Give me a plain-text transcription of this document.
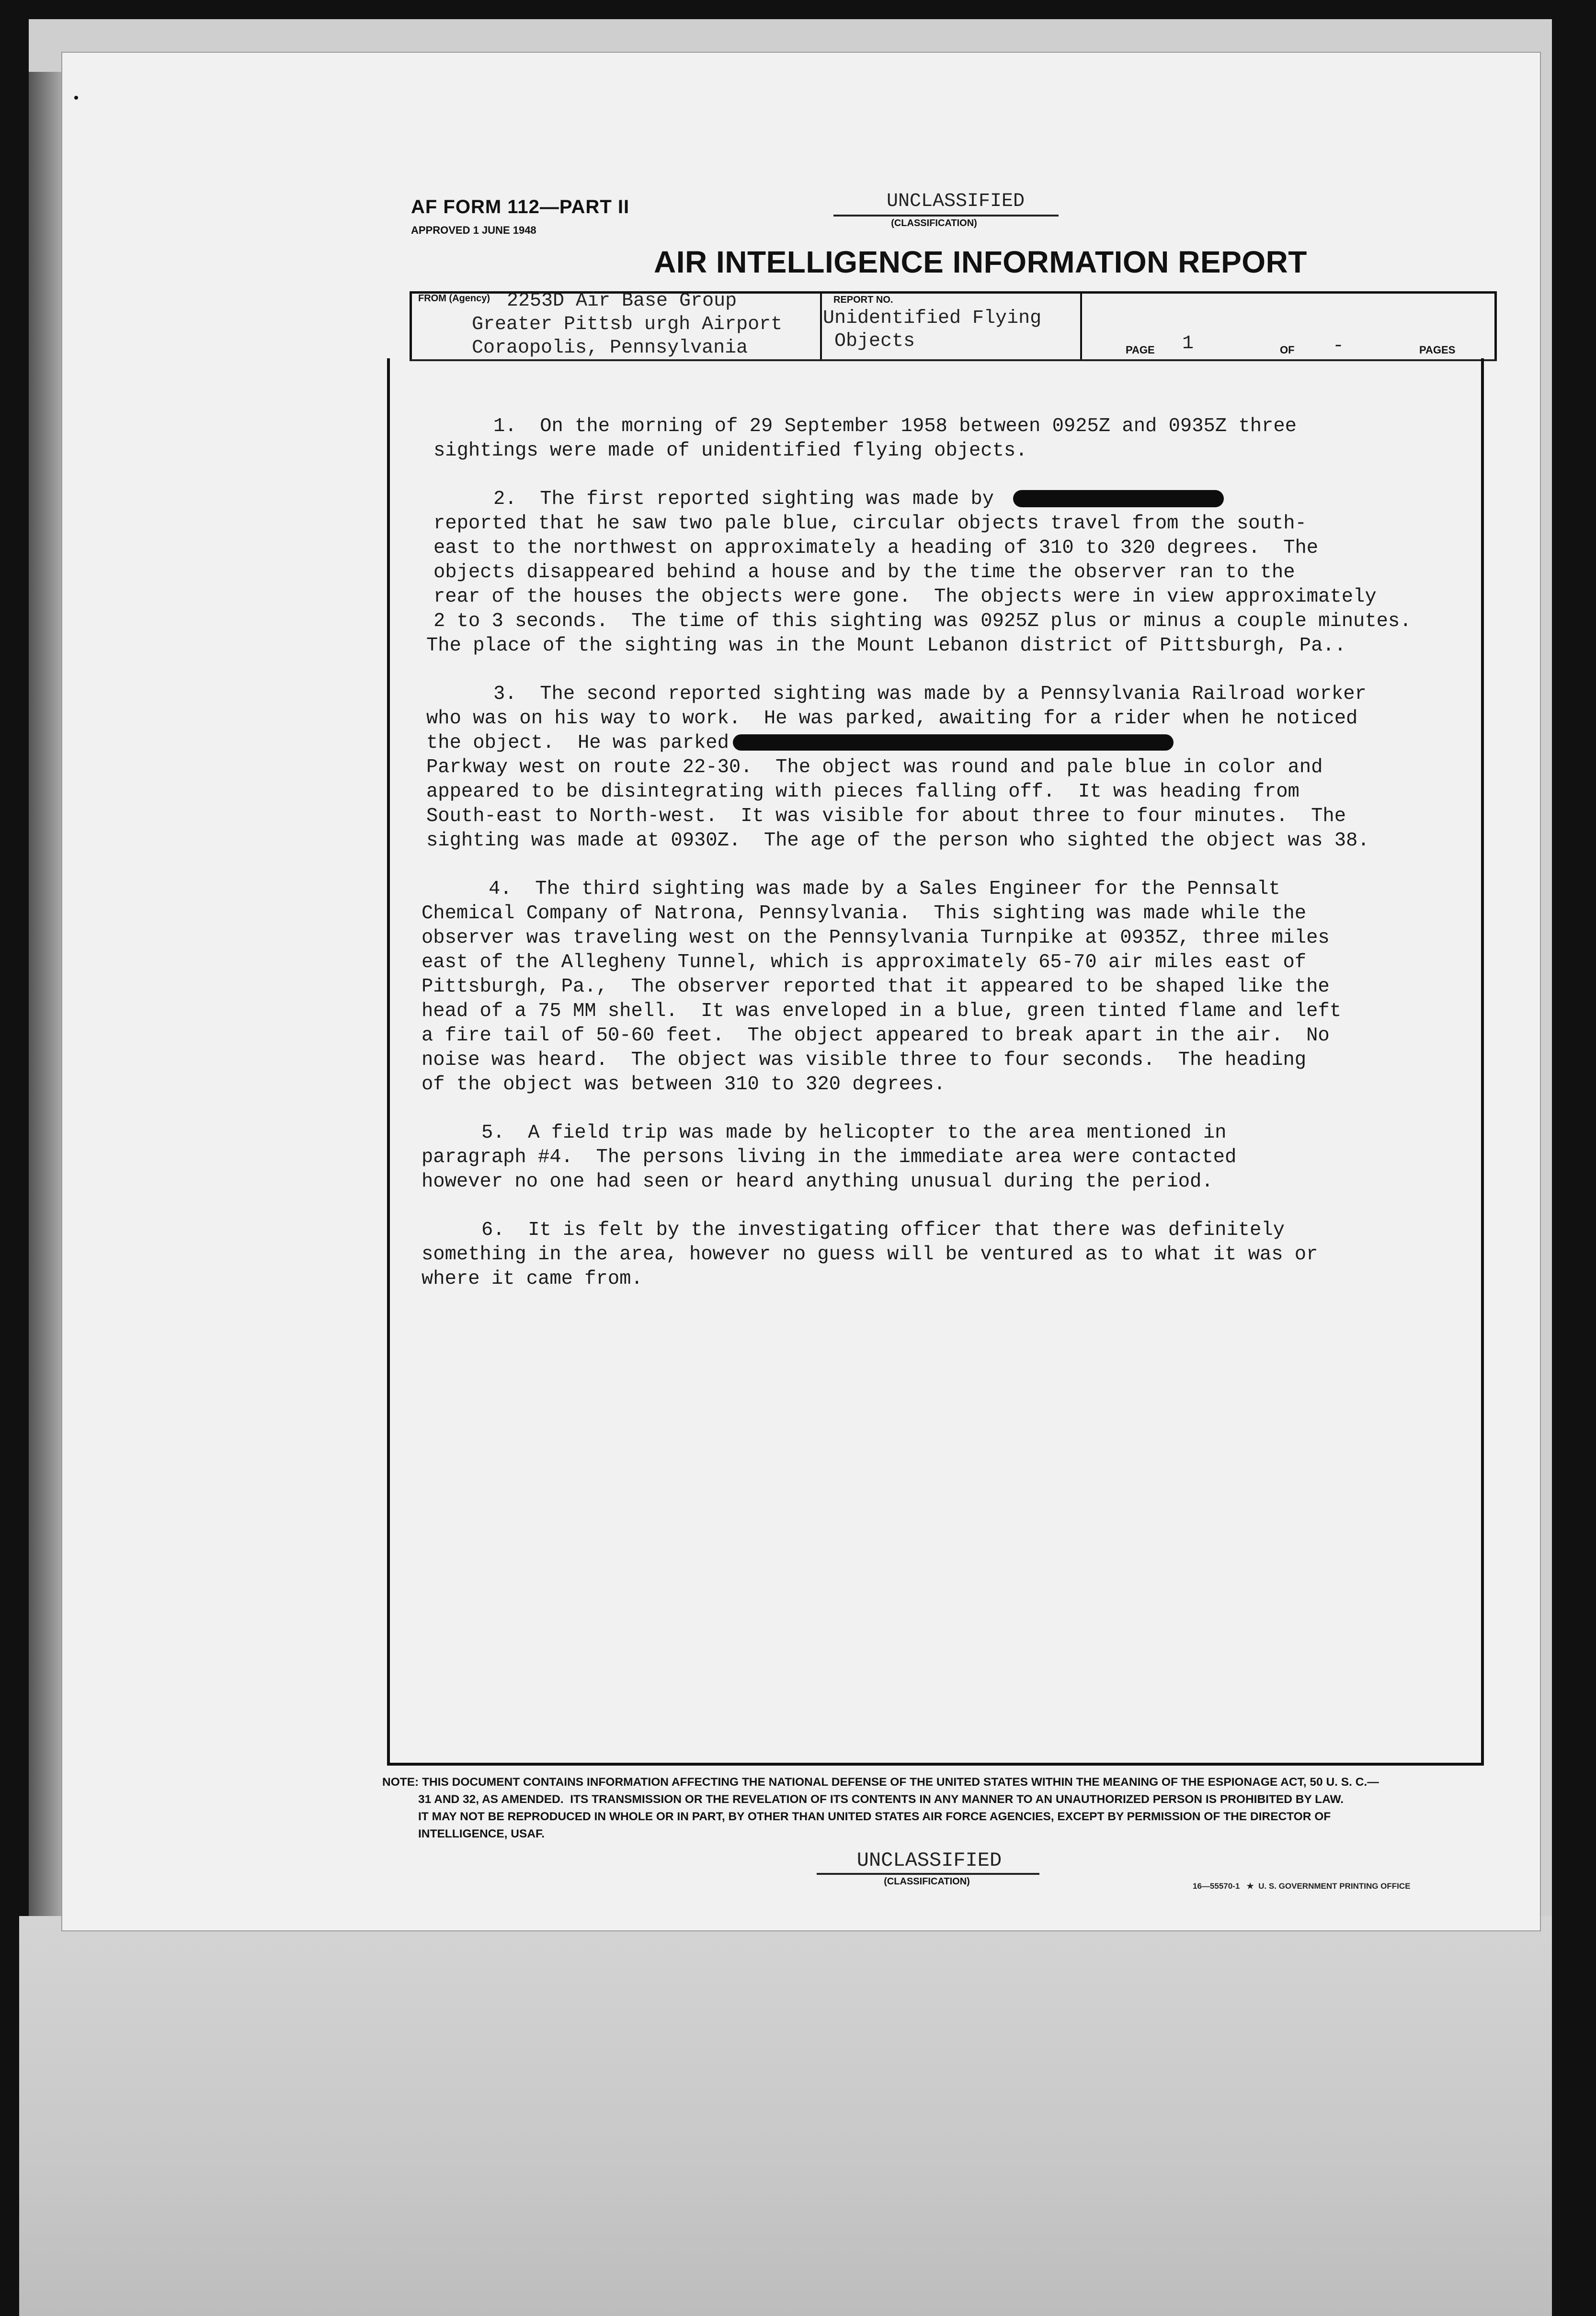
AF FORM 112—PART II
APPROVED 1 JUNE 1948
UNCLASSIFIED
(CLASSIFICATION)
AIR INTELLIGENCE INFORMATION REPORT
FROM (Agency) 2253D Air Base Group
Greater Pittsb urgh Airport
Coraopolis, Pennsylvania
REPORT NO.
Unidentified Flying
Objects	PAGE 1	OF -	PAGES
1.  On the morning of 29 September 1958 between 0925Z and 0935Z three
sightings were made of unidentified flying objects.
2.  The first reported sighting was made by
reported that he saw two pale blue, circular objects travel from the south-
east to the northwest on approximately a heading of 310 to 320 degrees.  The
objects disappeared behind a house and by the time the observer ran to the
rear of the houses the objects were gone.  The objects were in view approximately
2 to 3 seconds.  The time of this sighting was 0925Z plus or minus a couple minutes.
The place of the sighting was in the Mount Lebanon district of Pittsburgh, Pa..
3.  The second reported sighting was made by a Pennsylvania Railroad worker
who was on his way to work.  He was parked, awaiting for a rider when he noticed
the object.  He was parked
Parkway west on route 22-30.  The object was round and pale blue in color and
appeared to be disintegrating with pieces falling off.  It was heading from
South-east to North-west.  It was visible for about three to four minutes.  The
sighting was made at 0930Z.  The age of the person who sighted the object was 38.
4.  The third sighting was made by a Sales Engineer for the Pennsalt
Chemical Company of Natrona, Pennsylvania.  This sighting was made while the
observer was traveling west on the Pennsylvania Turnpike at 0935Z, three miles
east of the Allegheny Tunnel, which is approximately 65-70 air miles east of
Pittsburgh, Pa.,  The observer reported that it appeared to be shaped like the
head of a 75 MM shell.  It was enveloped in a blue, green tinted flame and left
a fire tail of 50-60 feet.  The object appeared to break apart in the air.  No
noise was heard.  The object was visible three to four seconds.  The heading
of the object was between 310 to 320 degrees.
5.  A field trip was made by helicopter to the area mentioned in
paragraph #4.  The persons living in the immediate area were contacted
however no one had seen or heard anything unusual during the period.
6.  It is felt by the investigating officer that there was definitely
something in the area, however no guess will be ventured as to what it was or
where it came from.
NOTE: THIS DOCUMENT CONTAINS INFORMATION AFFECTING THE NATIONAL DEFENSE OF THE UNITED STATES WITHIN THE MEANING OF THE ESPIONAGE ACT, 50 U. S. C.—
31 AND 32, AS AMENDED.  ITS TRANSMISSION OR THE REVELATION OF ITS CONTENTS IN ANY MANNER TO AN UNAUTHORIZED PERSON IS PROHIBITED BY LAW.
IT MAY NOT BE REPRODUCED IN WHOLE OR IN PART, BY OTHER THAN UNITED STATES AIR FORCE AGENCIES, EXCEPT BY PERMISSION OF THE DIRECTOR OF
INTELLIGENCE, USAF.
UNCLASSIFIED
(CLASSIFICATION)	16—55570-1   ★  U. S. GOVERNMENT PRINTING OFFICE
